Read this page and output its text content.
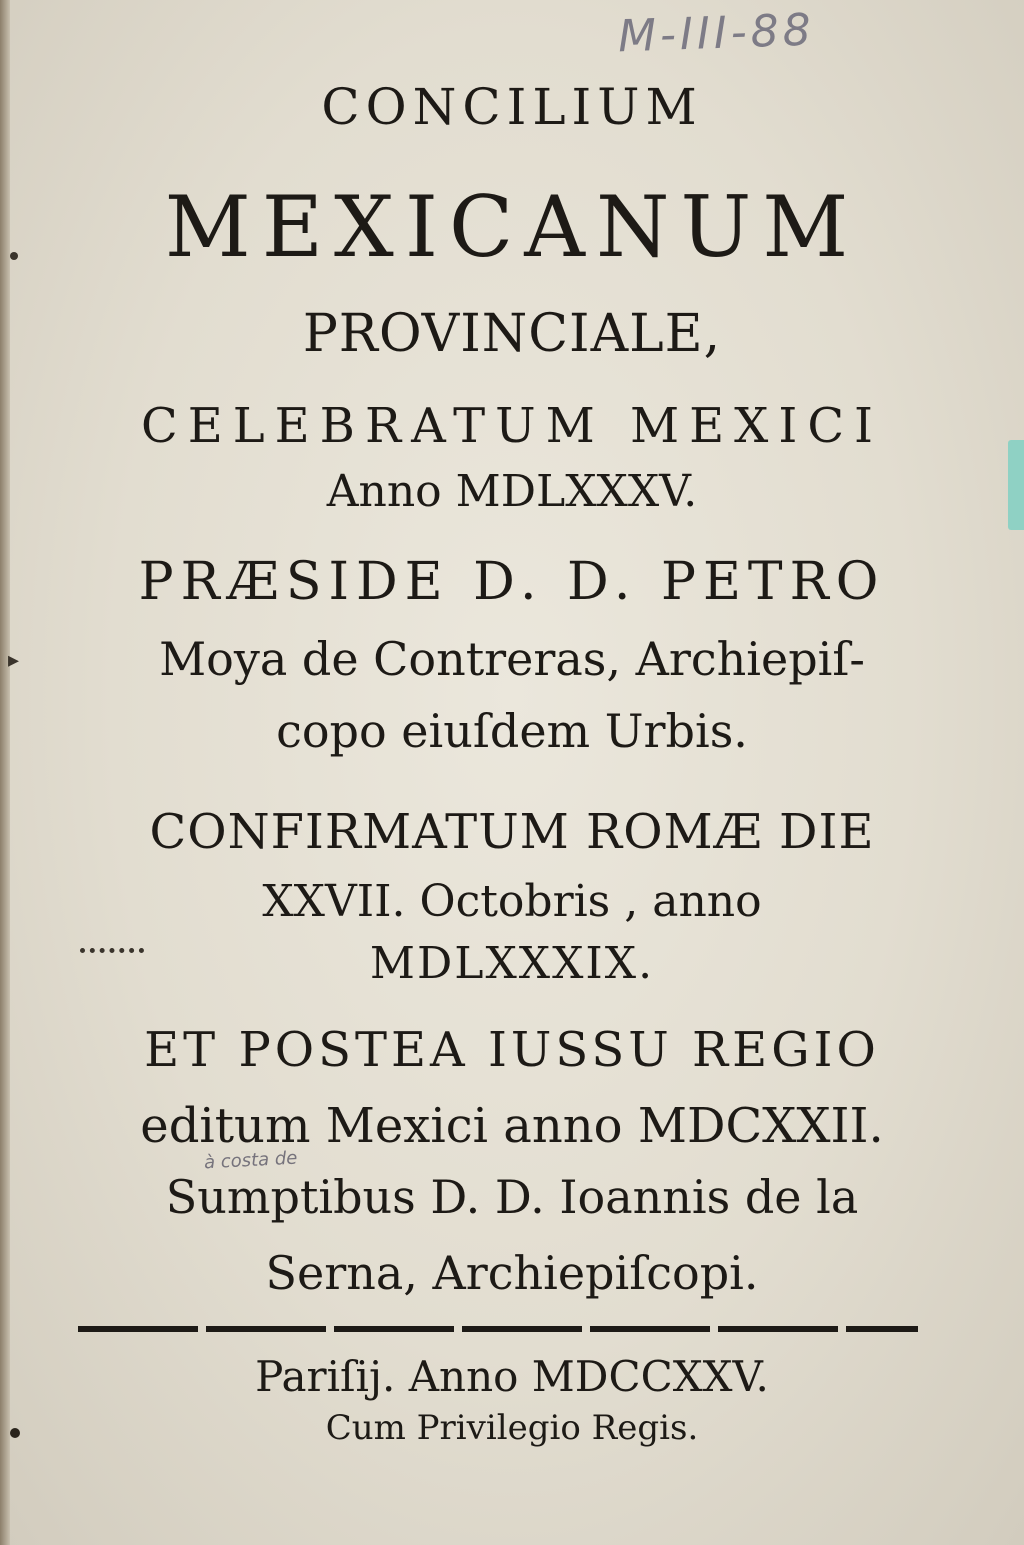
M-III-88

CONCILIUM

MEXICANUM

PROVINCIALE,

CELEBRATUM MEXICI

Anno MDLXXXV.

PRÆSIDE D. D. PETRO

Moya de Contreras, Archiepiſ-

copo eiuſdem Urbis.

CONFIRMATUM ROMÆ DIE

XXVII. Octobris , anno

MDLXXXIX.

ET POSTEA IUSSU REGIO

editum Mexici anno MDCXXII.

Sumptibus D. D. Ioannis de la

Serna, Archiepiſcopi.

à costa de

Pariſij. Anno MDCCXXV.

Cum Privilegio Regis.

▸
